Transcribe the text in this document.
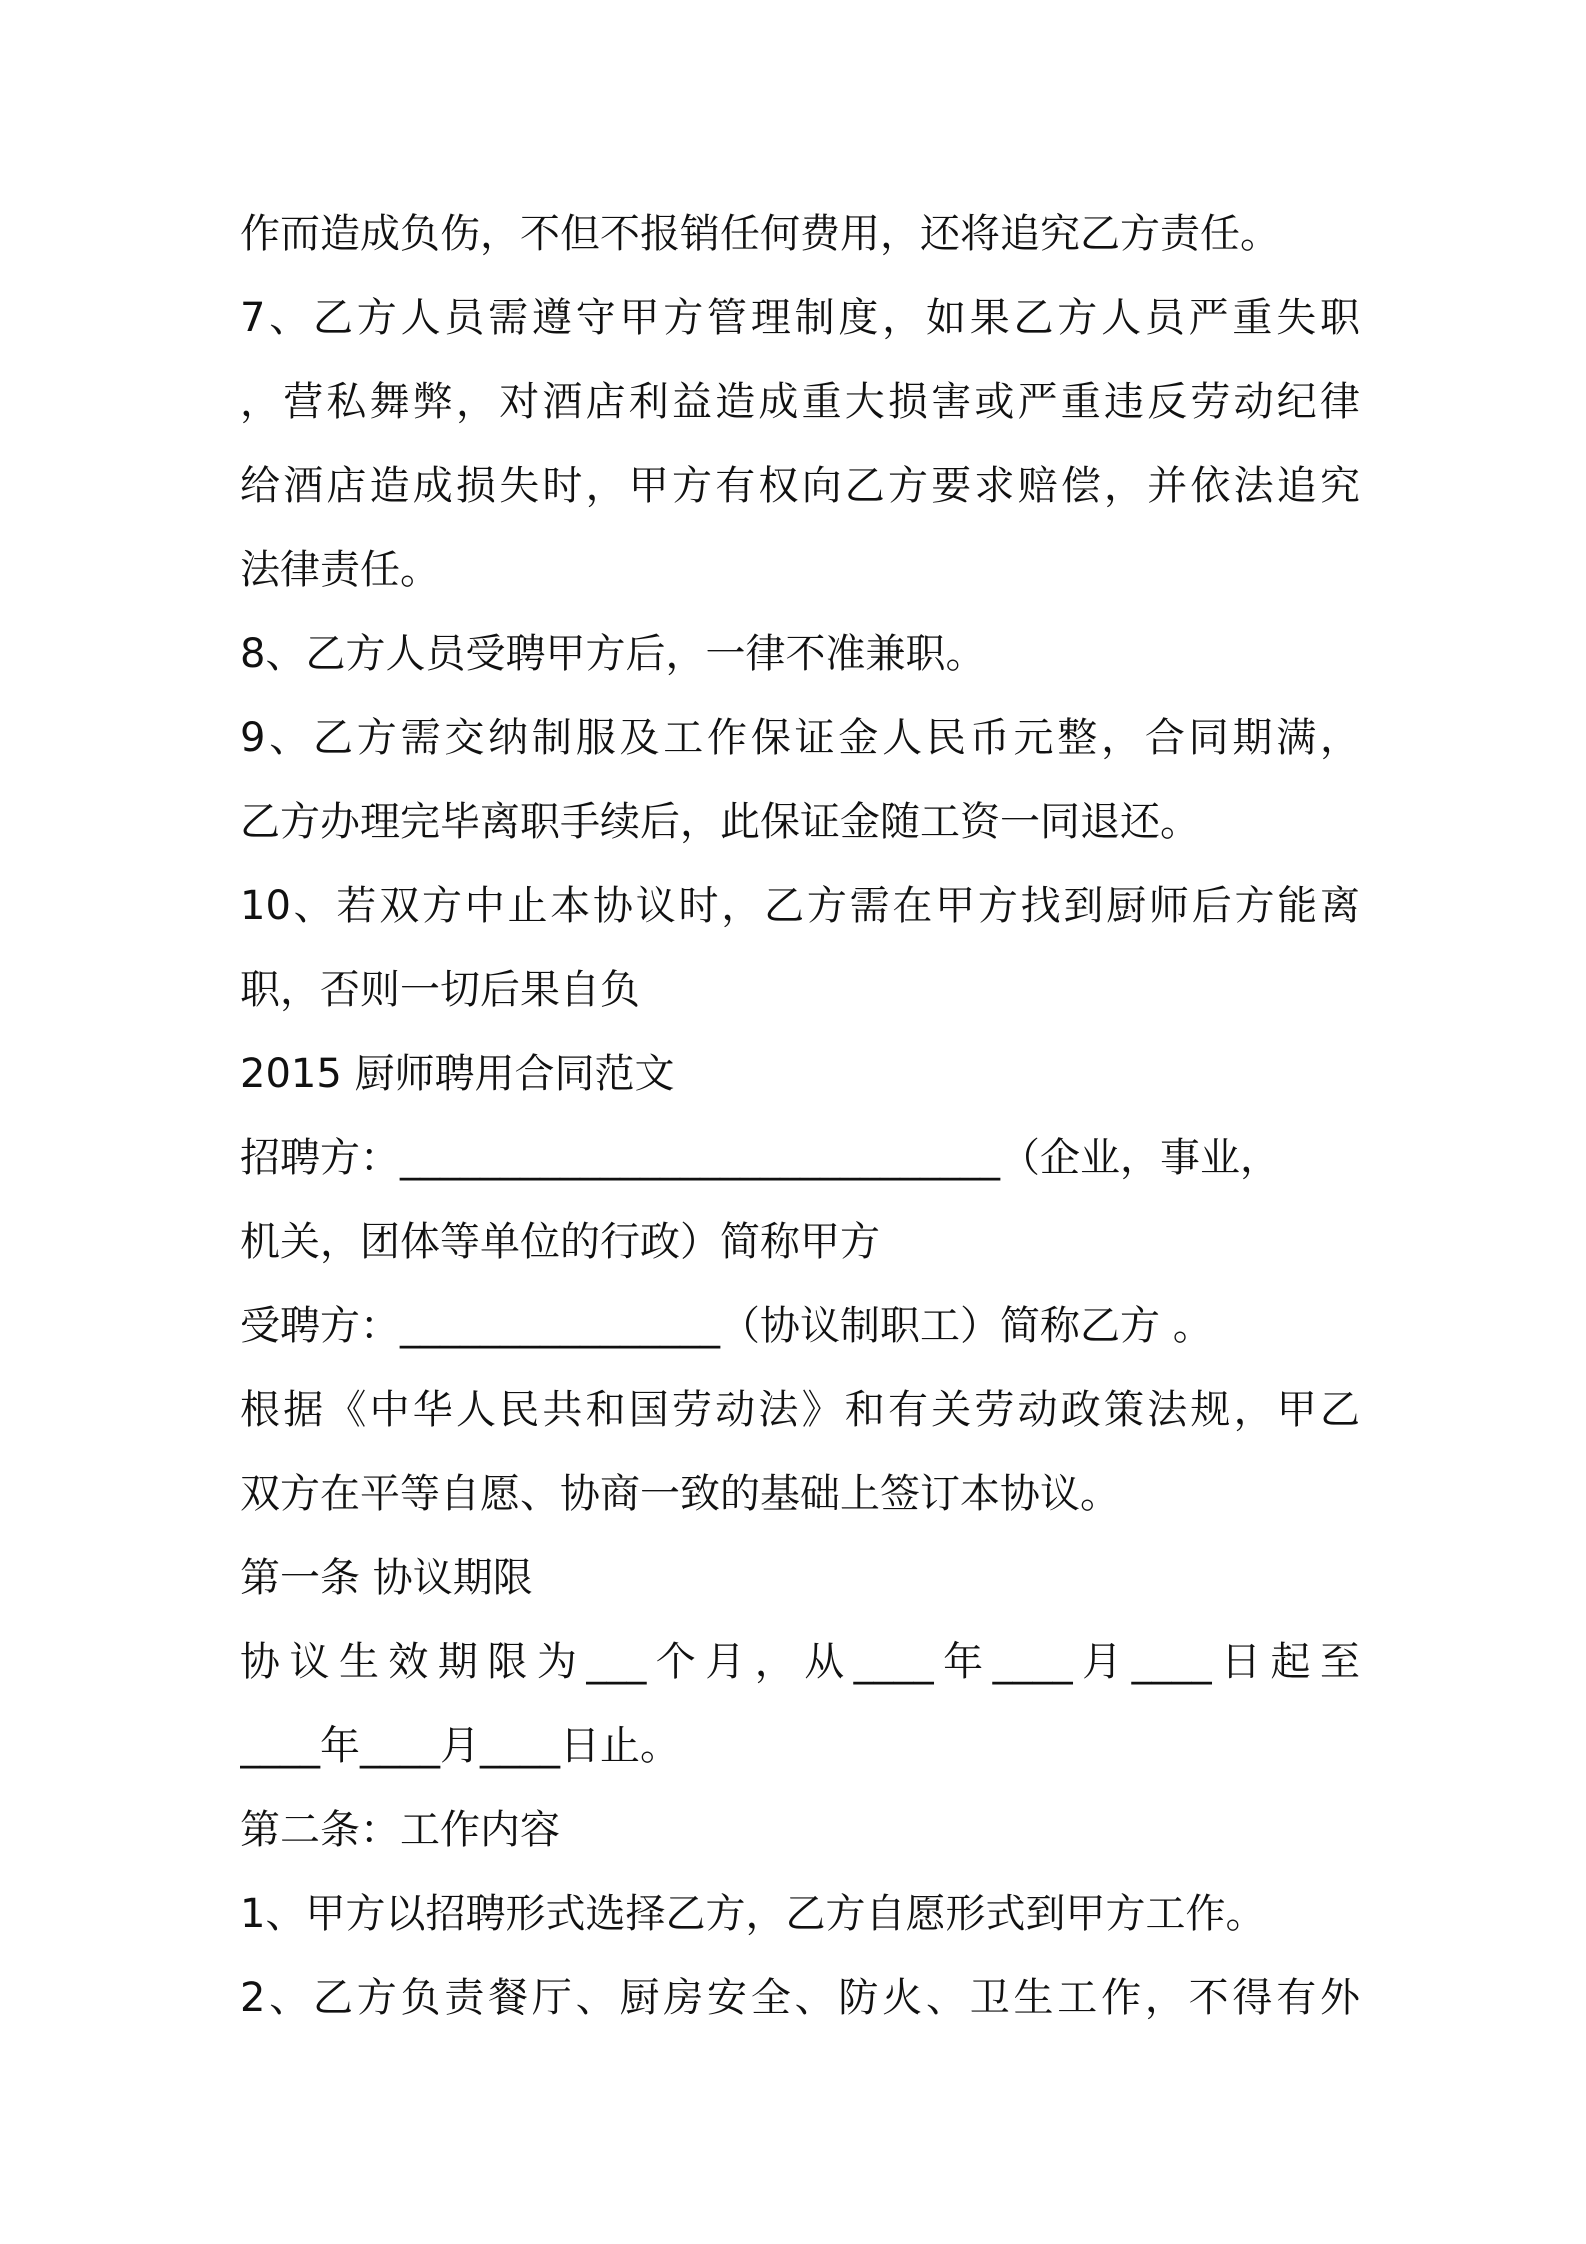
作而造成负伤，不但不报销任何费用，还将追究乙方责任。
7、乙方人员需遵守甲方管理制度，如果乙方人员严重失职
，营私舞弊，对酒店利益造成重大损害或严重违反劳动纪律
给酒店造成损失时，甲方有权向乙方要求赔偿，并依法追究
法律责任。
8、乙方人员受聘甲方后，一律不准兼职。
9、乙方需交纳制服及工作保证金人民币元整，合同期满，
乙方办理完毕离职手续后，此保证金随工资一同退还。
10、若双方中止本协议时，乙方需在甲方找到厨师后方能离
职，否则一切后果自负
2015 厨师聘用合同范文
招聘方：______________________________（企业，事业，
机关，团体等单位的行政）简称甲方
受聘方：________________（协议制职工）简称乙方 。
根据《中华人民共和国劳动法》和有关劳动政策法规，甲乙
双方在平等自愿、协商一致的基础上签订本协议。
第一条 协议期限
协议生效期限为___个月，从____年____月____日起至
____年____月____日止。
第二条：工作内容
1、甲方以招聘形式选择乙方，乙方自愿形式到甲方工作。
2、乙方负责餐厅、厨房安全、防火、卫生工作，不得有外
